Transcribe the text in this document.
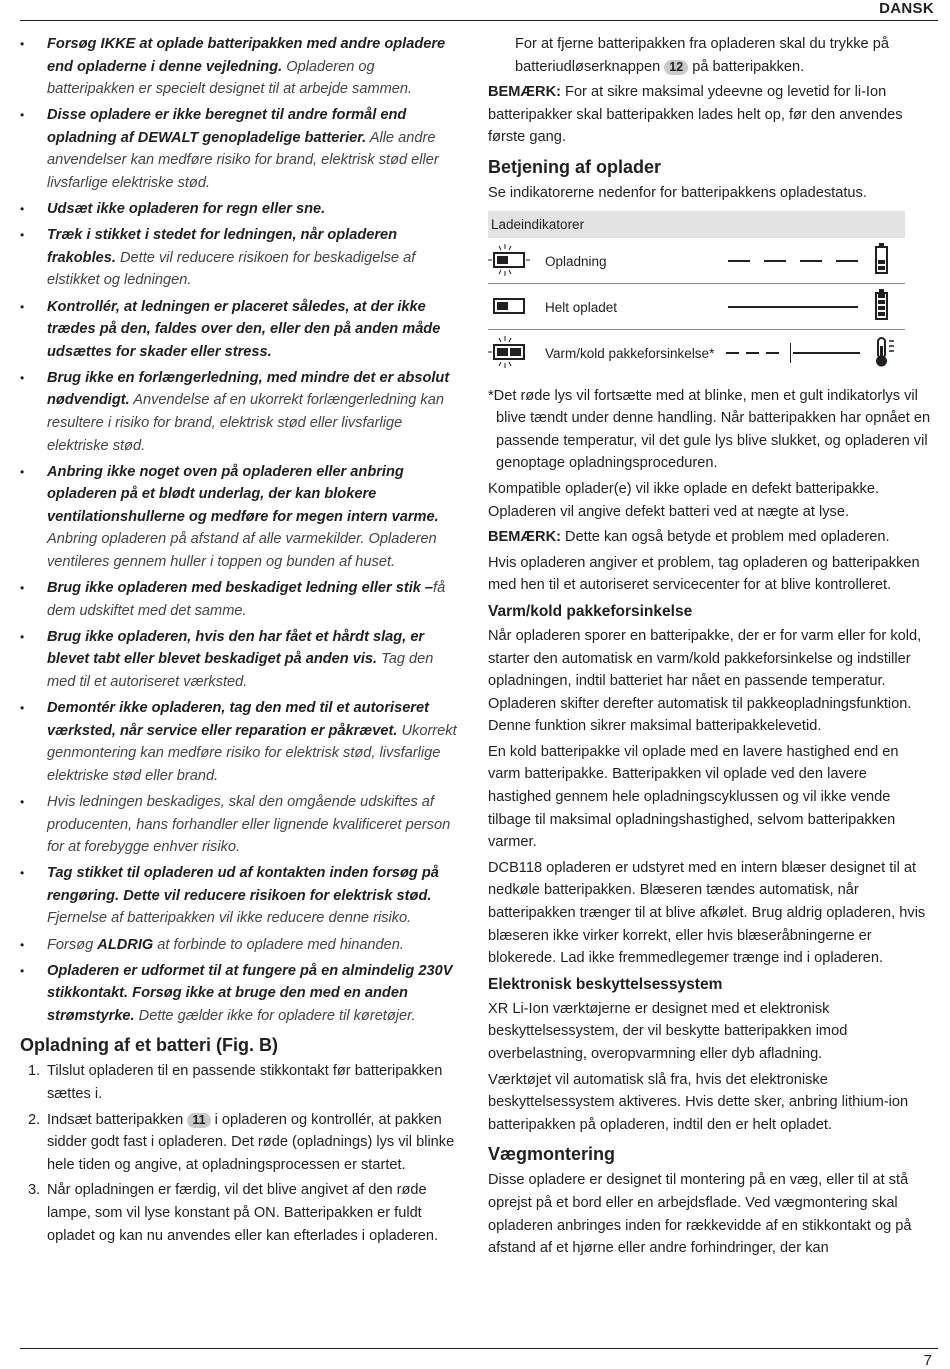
DANSK
• Forsøg IKKE at oplade batteripakken med andre opladere end opladerne i denne vejledning. Opladeren og batteripakken er specielt designet til at arbejde sammen.
• Disse opladere er ikke beregnet til andre formål end opladning af DEWALT genopladelige batterier. Alle andre anvendelser kan medføre risiko for brand, elektrisk stød eller livsfarlige elektriske stød.
• Udsæt ikke opladeren for regn eller sne.
• Træk i stikket i stedet for ledningen, når opladeren frakobles. Dette vil reducere risikoen for beskadigelse af elstikket og ledningen.
• Kontrollér, at ledningen er placeret således, at der ikke trædes på den, faldes over den, eller den på anden måde udsættes for skader eller stress.
• Brug ikke en forlængerledning, med mindre det er absolut nødvendigt. Anvendelse af en ukorrekt forlængerledning kan resultere i risiko for brand, elektrisk stød eller livsfarlige elektriske stød.
• Anbring ikke noget oven på opladeren eller anbring opladeren på et blødt underlag, der kan blokere ventilationshullerne og medføre for megen intern varme. Anbring opladeren på afstand af alle varmekilder. Opladeren ventileres gennem huller i toppen og bunden af huset.
• Brug ikke opladeren med beskadiget ledning eller stik –få dem udskiftet med det samme.
• Brug ikke opladeren, hvis den har fået et hårdt slag, er blevet tabt eller blevet beskadiget på anden vis. Tag den med til et autoriseret værksted.
• Demontér ikke opladeren, tag den med til et autoriseret værksted, når service eller reparation er påkrævet. Ukorrekt genmontering kan medføre risiko for elektrisk stød, livsfarlige elektriske stød eller brand.
• Hvis ledningen beskadiges, skal den omgående udskiftes af producenten, hans forhandler eller lignende kvalificeret person for at forebygge enhver risiko.
• Tag stikket til opladeren ud af kontakten inden forsøg på rengøring. Dette vil reducere risikoen for elektrisk stød. Fjernelse af batteripakken vil ikke reducere denne risiko.
• Forsøg ALDRIG at forbinde to opladere med hinanden.
• Opladeren er udformet til at fungere på en almindelig 230V stikkontakt. Forsøg ikke at bruge den med en anden strømstyrke. Dette gælder ikke for opladere til køretøjer.
Opladning af et batteri (Fig. B)
1. Tilslut opladeren til en passende stikkontakt før batteripakken sættes i.
2. Indsæt batteripakken 11 i opladeren og kontrollér, at pakken sidder godt fast i opladeren. Det røde (opladnings) lys vil blinke hele tiden og angive, at opladningsprocessen er startet.
3. Når opladningen er færdig, vil det blive angivet af den røde lampe, som vil lyse konstant på ON. Batteripakken er fuldt opladet og kan nu anvendes eller kan efterlades i opladeren.

For at fjerne batteripakken fra opladeren skal du trykke på batteriudløserknappen 12 på batteripakken.

BEMÆRK: For at sikre maksimal ydeevne og levetid for li-Ion batteripakker skal batteripakken lades helt op, før den anvendes første gang.

Betjening af oplader

Se indikatorerne nedenfor for batteripakkens opladestatus.

Ladeindikatorer
Opladning
Helt opladet
Varm/kold pakkeforsinkelse*

*Det røde lys vil fortsætte med at blinke, men et gult indikatorlys vil blive tændt under denne handling. Når batteripakken har opnået en passende temperatur, vil det gule lys blive slukket, og opladeren vil genoptage opladningsproceduren.

Kompatible oplader(e) vil ikke oplade en defekt batteripakke. Opladeren vil angive defekt batteri ved at nægte at lyse.

BEMÆRK: Dette kan også betyde et problem med opladeren.

Hvis opladeren angiver et problem, tag opladeren og batteripakken med hen til et autoriseret servicecenter for at blive kontrolleret.

Varm/kold pakkeforsinkelse

Når opladeren sporer en batteripakke, der er for varm eller for kold, starter den automatisk en varm/kold pakkeforsinkelse og indstiller opladningen, indtil batteriet har nået en passende temperatur. Opladeren skifter derefter automatisk til pakkeopladningsfunktion. Denne funktion sikrer maksimal batteripakkelevetid.

En kold batteripakke vil oplade med en lavere hastighed end en varm batteripakke. Batteripakken vil oplade ved den lavere hastighed gennem hele opladningscyklussen og vil ikke vende tilbage til maksimal opladningshastighed, selvom batteripakken varmer.

DCB118 opladeren er udstyret med en intern blæser designet til at nedkøle batteripakken. Blæseren tændes automatisk, når batteripakken trænger til at blive afkølet. Brug aldrig opladeren, hvis blæseren ikke virker korrekt, eller hvis blæseråbningerne er blokerede. Lad ikke fremmedlegemer trænge ind i opladeren.

Elektronisk beskyttelsessystem

XR Li-Ion værktøjerne er designet med et elektronisk beskyttelsessystem, der vil beskytte batteripakken imod overbelastning, overopvarmning eller dyb afladning.

Værktøjet vil automatisk slå fra, hvis det elektroniske beskyttelsessystem aktiveres. Hvis dette sker, anbring lithium-ion batteripakken på opladeren, indtil den er helt opladet.

Vægmontering

Disse opladere er designet til montering på en væg, eller til at stå oprejst på et bord eller en arbejdsflade. Ved vægmontering skal opladeren anbringes inden for rækkevidde af en stikkontakt og på afstand af et hjørne eller andre forhindringer, der kan

7
